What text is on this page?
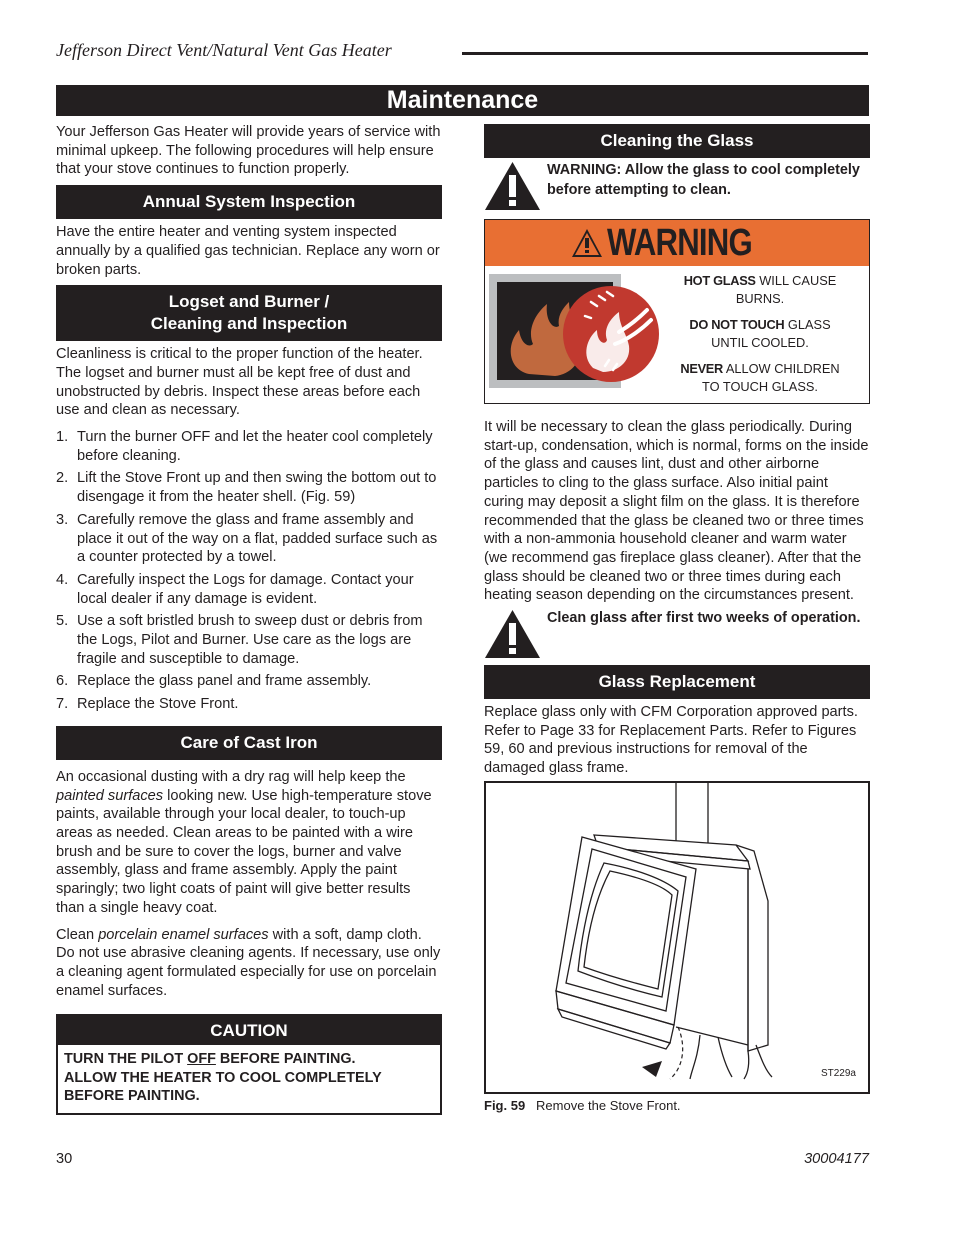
Jefferson Direct Vent/Natural Vent Gas Heater
Maintenance

Your Jefferson Gas Heater will provide years of service with minimal upkeep. The following procedures will help ensure that your stove continues to function properly.

Annual System Inspection

Have the entire heater and venting system inspected annually by a qualified gas technician. Replace any worn or broken parts.

Logset and Burner /
Cleaning and Inspection

Cleanliness is critical to the proper function of the heater. The logset and burner must all be kept free of dust and unobstructed by debris. Inspect these areas before each use and clean as necessary.

1. Turn the burner OFF and let the heater cool completely before cleaning.
2. Lift the Stove Front up and then swing the bottom out to disengage it from the heater shell. (Fig. 59)
3. Carefully remove the glass and frame assembly and place it out of the way on a flat, padded surface such as a counter protected by a towel.
4. Carefully inspect the Logs for damage. Contact your local dealer if any damage is evident.
5. Use a soft bristled brush to sweep dust or debris from the Logs, Pilot and Burner. Use care as the logs are fragile and susceptible to damage.
6. Replace the glass panel and frame assembly.
7. Replace the Stove Front.
Care of Cast Iron

An occasional dusting with a dry rag will help keep the painted surfaces looking new. Use high-temperature stove paints, available through your local dealer, to touch-up areas as needed. Clean areas to be painted with a wire brush and be sure to cover the logs, burner and valve assembly, glass and frame assembly. Apply the paint sparingly; two light coats of paint will give better results than a single heavy coat.

Clean porcelain enamel surfaces with a soft, damp cloth. Do not use abrasive cleaning agents. If necessary, use only a cleaning agent formulated especially for use on porcelain enamel surfaces.

CAUTION
TURN THE PILOT OFF BEFORE PAINTING.
ALLOW THE HEATER TO COOL COMPLETELY BEFORE PAINTING.
Cleaning the Glass
WARNING: Allow the glass to cool completely before attempting to clean.
WARNING
HOT GLASS WILL CAUSE BURNS.
DO NOT TOUCH GLASS UNTIL COOLED.
NEVER ALLOW CHILDREN TO TOUCH GLASS.

It will be necessary to clean the glass periodically. During start-up, condensation, which is normal, forms on the inside of the glass and causes lint, dust and other airborne particles to cling to the glass surface. Also initial paint curing may deposit a slight film on the glass. It is therefore recommended that the glass be cleaned two or three times with a non-ammonia household cleaner and warm water (we recommend gas fireplace glass cleaner). After that the glass should be cleaned two or three times during each heating season depending on the circumstances present.

Clean glass after first two weeks of operation.
Glass Replacement

Replace glass only with CFM Corporation approved parts. Refer to Page 33 for Replacement Parts. Refer to Figures 59, 60 and previous instructions for removal of the damaged glass frame.

ST229a
Fig. 59 Remove the Stove Front.
30	30004177
